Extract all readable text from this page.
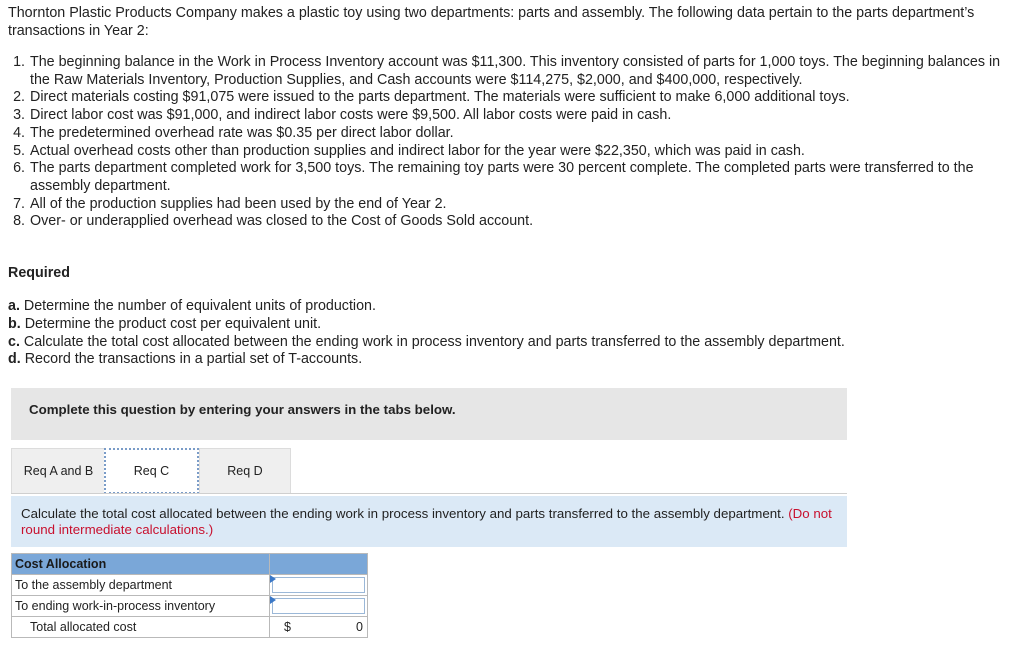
Thornton Plastic Products Company makes a plastic toy using two departments: parts and assembly. The following data pertain to the parts department’s transactions in Year 2:
1. The beginning balance in the Work in Process Inventory account was $11,300. This inventory consisted of parts for 1,000 toys. The beginning balances in the Raw Materials Inventory, Production Supplies, and Cash accounts were $114,275, $2,000, and $400,000, respectively.
2. Direct materials costing $91,075 were issued to the parts department. The materials were sufficient to make 6,000 additional toys.
3. Direct labor cost was $91,000, and indirect labor costs were $9,500. All labor costs were paid in cash.
4. The predetermined overhead rate was $0.35 per direct labor dollar.
5. Actual overhead costs other than production supplies and indirect labor for the year were $22,350, which was paid in cash.
6. The parts department completed work for 3,500 toys. The remaining toy parts were 30 percent complete. The completed parts were transferred to the assembly department.
7. All of the production supplies had been used by the end of Year 2.
8. Over- or underapplied overhead was closed to the Cost of Goods Sold account.
Required
a. Determine the number of equivalent units of production.
b. Determine the product cost per equivalent unit.
c. Calculate the total cost allocated between the ending work in process inventory and parts transferred to the assembly department.
d. Record the transactions in a partial set of T-accounts.
Complete this question by entering your answers in the tabs below.
Req A and B	Req C	Req D
Calculate the total cost allocated between the ending work in process inventory and parts transferred to the assembly department. (Do not round intermediate calculations.)
Cost Allocation	
To the assembly department	

To ending work-in-process inventory	

Total allocated cost	$ 0
